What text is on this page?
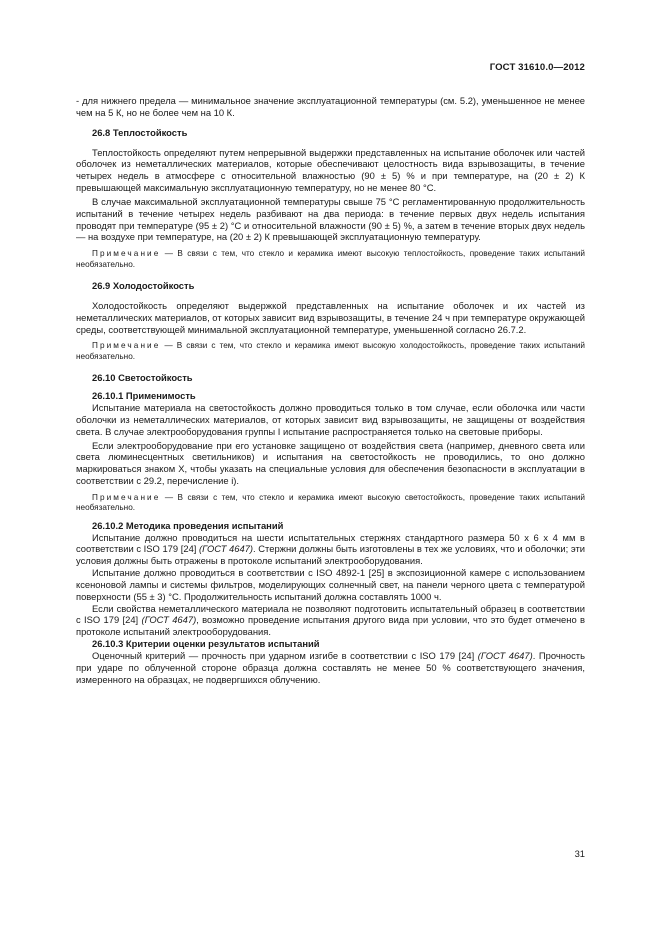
ГОСТ 31610.0—2012

- для нижнего предела — минимальное значение эксплуатационной температуры (см. 5.2), уменьшенное не менее чем на 5 К, но не более чем на 10 К.

26.8 Теплостойкость

Теплостойкость определяют путем непрерывной выдержки представленных на испытание оболочек или частей оболочек из неметаллических материалов, которые обеспечивают целостность вида взрывозащиты, в течение четырех недель в атмосфере с относительной влажностью (90 ± 5) % и при температуре, на (20 ± 2) К превышающей максимальную эксплуатационную температуру, но не менее 80 °С.

В случае максимальной эксплуатационной температуры свыше 75 °С регламентированную продолжительность испытаний в течение четырех недель разбивают на два периода: в течение первых двух недель испытания проводят при температуре (95 ± 2) °С и относительной влажности (90 ± 5) %, а затем в течение вторых двух недель — на воздухе при температуре, на (20 ± 2) К превышающей эксплуатационную температуру.

Примечание — В связи с тем, что стекло и керамика имеют высокую теплостойкость, проведение таких испытаний необязательно.

26.9 Холодостойкость

Холодостойкость определяют выдержкой представленных на испытание оболочек и их частей из неметаллических материалов, от которых зависит вид взрывозащиты, в течение 24 ч при температуре окружающей среды, соответствующей минимальной эксплуатационной температуре, уменьшенной согласно 26.7.2.

Примечание — В связи с тем, что стекло и керамика имеют высокую холодостойкость, проведение таких испытаний необязательно.

26.10 Светостойкость

26.10.1 Применимость

Испытание материала на светостойкость должно проводиться только в том случае, если оболочка или части оболочки из неметаллических материалов, от которых зависит вид взрывозащиты, не защищены от воздействия света. В случае электрооборудования группы I испытание распространяется только на световые приборы.

Если электрооборудование при его установке защищено от воздействия света (например, дневного света или света люминесцентных светильников) и испытания на светостойкость не проводились, то оно должно маркироваться знаком X, чтобы указать на специальные условия для обеспечения безопасности в эксплуатации в соответствии с 29.2, перечисление i).

Примечание — В связи с тем, что стекло и керамика имеют высокую светостойкость, проведение таких испытаний необязательно.

26.10.2 Методика проведения испытаний

Испытание должно проводиться на шести испытательных стержнях стандартного размера 50 х 6 х 4 мм в соответствии с ISO 179 [24] (ГОСТ 4647). Стержни должны быть изготовлены в тех же условиях, что и оболочки; эти условия должны быть отражены в протоколе испытаний электрооборудования.

Испытание должно проводиться в соответствии с ISO 4892-1 [25] в экспозиционной камере с использованием ксеноновой лампы и системы фильтров, моделирующих солнечный свет, на панели черного цвета с температурой поверхности (55 ± 3) °С. Продолжительность испытаний должна составлять 1000 ч.

Если свойства неметаллического материала не позволяют подготовить испытательный образец в соответствии с ISO 179 [24] (ГОСТ 4647), возможно проведение испытания другого вида при условии, что это будет отмечено в протоколе испытаний электрооборудования.

26.10.3 Критерии оценки результатов испытаний

Оценочный критерий — прочность при ударном изгибе в соответствии с ISO 179 [24] (ГОСТ 4647). Прочность при ударе по облученной стороне образца должна составлять не менее 50 % соответствующего значения, измеренного на образцах, не подвергшихся облучению.

31
